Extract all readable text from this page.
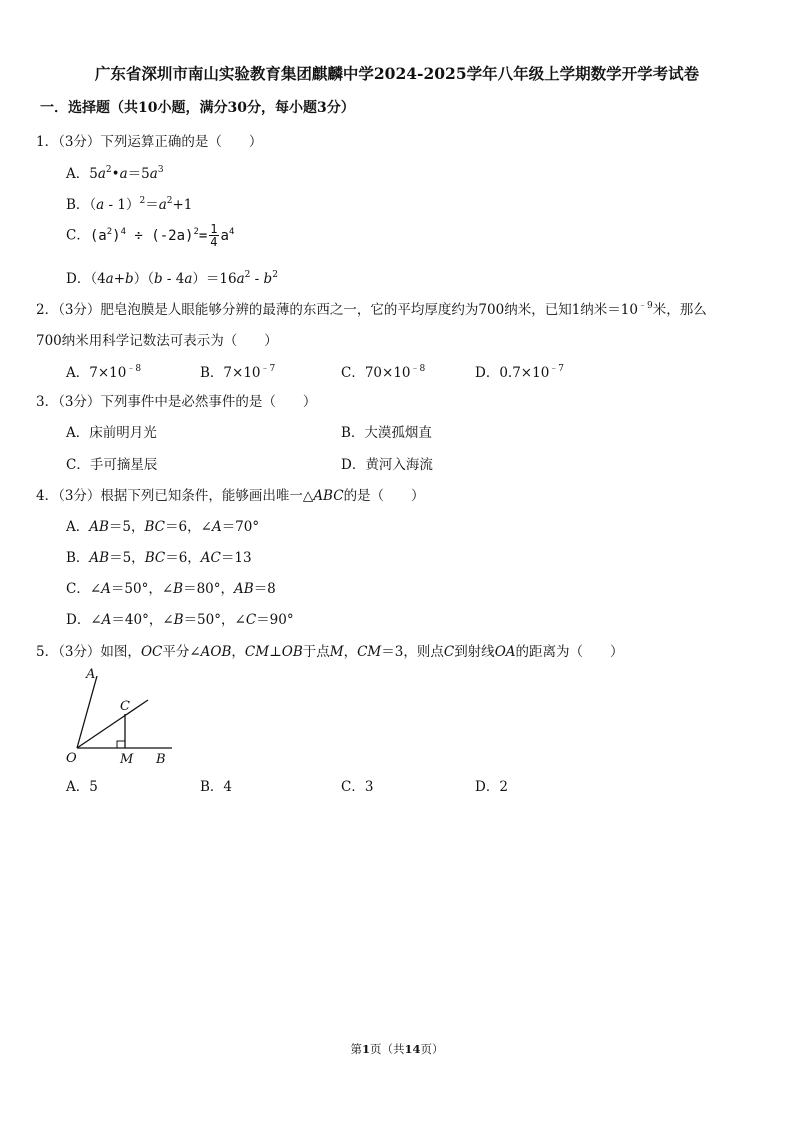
广东省深圳市南山实验教育集团麒麟中学2024-2025学年八年级上学期数学开学考试卷
一．选择题（共10小题，满分30分，每小题3分）
1．（3分）下列运算正确的是（　　）
A．$5a^2•a=5a^3$
B．$(a - 1)^2=a^2+1$
C．$(a^2)^4 \div (-2a)^2= \frac{1}{4} a^4$
D．$(4a+b)(b - 4a)=16a^2 - b^2$
2．（3分）肥皂泡膜是人眼能够分辨的最薄的东西之一，它的平均厚度约为700纳米，已知1纳米$=10^{﹣9}$米，那么
700纳米用科学记数法可表示为（　　）
A．$7\times 10^{﹣8}$	B．$7\times 10^{﹣7}$	C．$70\times 10^{﹣8}$	D．$0.7\times 10^{﹣7}$
3．（3分）下列事件中是必然事件的是（　　）
A．床前明月光	B．大漠孤烟直
C．手可摘星辰	D．黄河入海流
4．（3分）根据下列已知条件，能够画出唯一△ABC的是（　　）
A．AB＝5，BC＝6，∠A＝70°
B．AB＝5，BC＝6，AC＝13
C．∠A＝50°，∠B＝80°，AB＝8
D．∠A＝40°，∠B＝50°，∠C＝90°
5．（3分）如图，OC平分∠AOB，CM⊥OB于点M，CM＝3，则点C到射线OA的距离为（　　）
A
C
O	M B
A．5	B．4	C．3	D．2
第1页（共14页）
